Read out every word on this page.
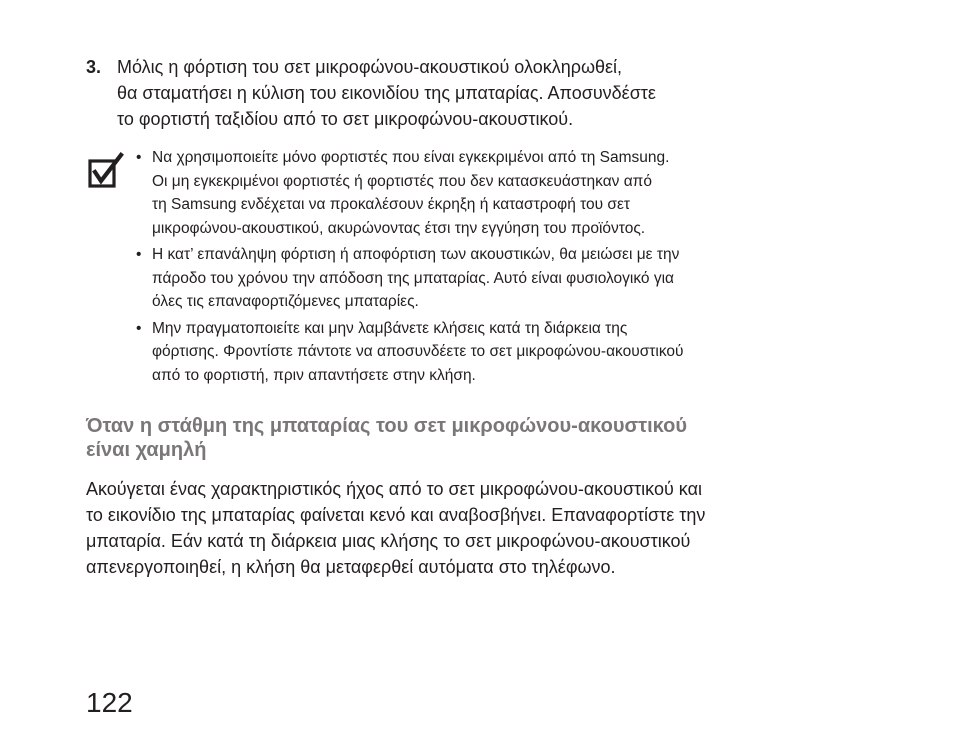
3. Μόλις η φόρτιση του σετ μικροφώνου-ακουστικού ολοκληρωθεί,
θα σταματήσει η κύλιση του εικονιδίου της μπαταρίας. Αποσυνδέστε
το φορτιστή ταξιδίου από το σετ μικροφώνου-ακουστικού.
• Να χρησιμοποιείτε μόνο φορτιστές που είναι εγκεκριμένοι από τη Samsung.
Οι μη εγκεκριμένοι φορτιστές ή φορτιστές που δεν κατασκευάστηκαν από
τη Samsung ενδέχεται να προκαλέσουν έκρηξη ή καταστροφή του σετ
μικροφώνου-ακουστικού, ακυρώνοντας έτσι την εγγύηση του προϊόντος.
• Η κατ’ επανάληψη φόρτιση ή αποφόρτιση των ακουστικών, θα μειώσει με την
πάροδο του χρόνου την απόδοση της μπαταρίας. Αυτό είναι φυσιολογικό για
όλες τις επαναφορτιζόμενες μπαταρίες.
• Μην πραγματοποιείτε και μην λαμβάνετε κλήσεις κατά τη διάρκεια της
φόρτισης. Φροντίστε πάντοτε να αποσυνδέετε το σετ μικροφώνου-ακουστικού
από το φορτιστή, πριν απαντήσετε στην κλήση.
Όταν η στάθμη της μπαταρίας του σετ μικροφώνου-ακουστικού
είναι χαμηλή

Ακούγεται ένας χαρακτηριστικός ήχος από το σετ μικροφώνου-ακουστικού και
το εικονίδιο της μπαταρίας φαίνεται κενό και αναβοσβήνει. Επαναφορτίστε την
μπαταρία. Εάν κατά τη διάρκεια μιας κλήσης το σετ μικροφώνου-ακουστικού
απενεργοποιηθεί, η κλήση θα μεταφερθεί αυτόματα στο τηλέφωνο.

122
